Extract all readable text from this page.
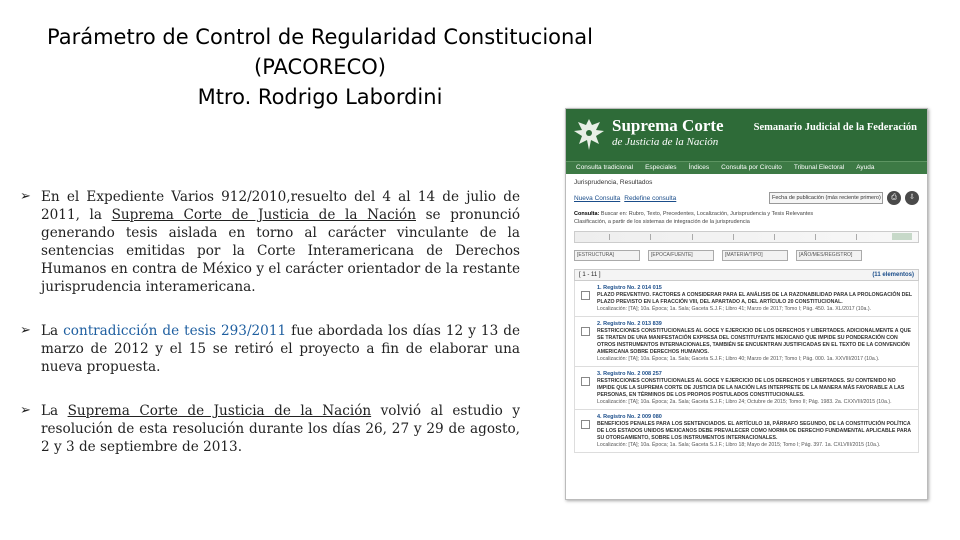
Parámetro de Control de Regularidad Constitucional
(PACORECO)
Mtro. Rodrigo Labordini
➢ En el Expediente Varios 912/2010,resuelto del 4 al 14 de julio de 2011, la Suprema Corte de Justicia de la Nación se pronunció generando tesis aislada en torno al carácter vinculante de la sentencias emitidas por la Corte Interamericana de Derechos Humanos en contra de México y el carácter orientador de la restante jurisprudencia interamericana.
➢ La contradicción de tesis 293/2011 fue abordada los días 12 y 13 de marzo de 2012 y el 15 se retiró el proyecto a fin de elaborar una nueva propuesta.
➢ La Suprema Corte de Justicia de la Nación volvió al estudio y resolución de esta resolución durante los días 26, 27 y 29 de agosto, 2 y 3 de septiembre de 2013.
Suprema Corte
de Justicia de la Nación
Semanario Judicial de la Federación
Consulta tradicional	Especiales	Índices	Consulta por Circuito	Tribunal Electoral	Ayuda
Jurisprudencia, Resultados
Nueva Consulta Redefine consulta	Fecha de publicación (más reciente primero)	⎙	⇩
Consulta: Buscar en: Rubro, Texto, Precedentes, Localización, Jurisprudencia y Tesis Relevantes
Clasificación, a partir de los sistemas de integración de la jurisprudencia
[ESTRUCTURA]	[EPOCA/FUENTE]	[MATERIA/TIPO]	[AÑO/MES/REGISTRO]
[ 1 - 11 ]	(11 elementos)
1. Registro No. 2 014 015
PLAZO PREVENTIVO. FACTORES A CONSIDERAR PARA EL ANÁLISIS DE LA RAZONABILIDAD PARA LA PROLONGACIÓN DEL PLAZO PREVISTO EN LA FRACCIÓN VIII, DEL APARTADO A, DEL ARTÍCULO 20 CONSTITUCIONAL.
Localización: [TA]; 10a. Época; 1a. Sala; Gaceta S.J.F.; Libro 41; Marzo de 2017; Tomo I; Pág. 450. 1a. XL/2017 (10a.).
2. Registro No. 2 013 839
RESTRICCIONES CONSTITUCIONALES AL GOCE Y EJERCICIO DE LOS DERECHOS Y LIBERTADES. ADICIONALMENTE A QUE SE TRATEN DE UNA MANIFESTACIÓN EXPRESA DEL CONSTITUYENTE MEXICANO QUE IMPIDE SU PONDERACIÓN CON OTROS INSTRUMENTOS INTERNACIONALES, TAMBIÉN SE ENCUENTRAN JUSTIFICADAS EN EL TEXTO DE LA CONVENCIÓN AMERICANA SOBRE DERECHOS HUMANOS.
Localización: [TA]; 10a. Época; 1a. Sala; Gaceta S.J.F.; Libro 40; Marzo de 2017; Tomo I; Pág. 000. 1a. XXVIII/2017 (10a.).
3. Registro No. 2 008 257
RESTRICCIONES CONSTITUCIONALES AL GOCE Y EJERCICIO DE LOS DERECHOS Y LIBERTADES. SU CONTENIDO NO IMPIDE QUE LA SUPREMA CORTE DE JUSTICIA DE LA NACIÓN LAS INTERPRETE DE LA MANERA MÁS FAVORABLE A LAS PERSONAS, EN TÉRMINOS DE LOS PROPIOS POSTULADOS CONSTITUCIONALES.
Localización: [TA]; 10a. Época; 2a. Sala; Gaceta S.J.F.; Libro 24; Octubre de 2015; Tomo II; Pág. 1983. 2a. CXXVIII/2015 (10a.).
4. Registro No. 2 009 080
BENEFICIOS PENALES PARA LOS SENTENCIADOS. EL ARTÍCULO 18, PÁRRAFO SEGUNDO, DE LA CONSTITUCIÓN POLÍTICA DE LOS ESTADOS UNIDOS MEXICANOS DEBE PREVALECER COMO NORMA DE DERECHO FUNDAMENTAL APLICABLE PARA SU OTORGAMIENTO, SOBRE LOS INSTRUMENTOS INTERNACIONALES.
Localización: [TA]; 10a. Época; 1a. Sala; Gaceta S.J.F.; Libro 18; Mayo de 2015; Tomo I; Pág. 397. 1a. CXLVIII/2015 (10a.).
